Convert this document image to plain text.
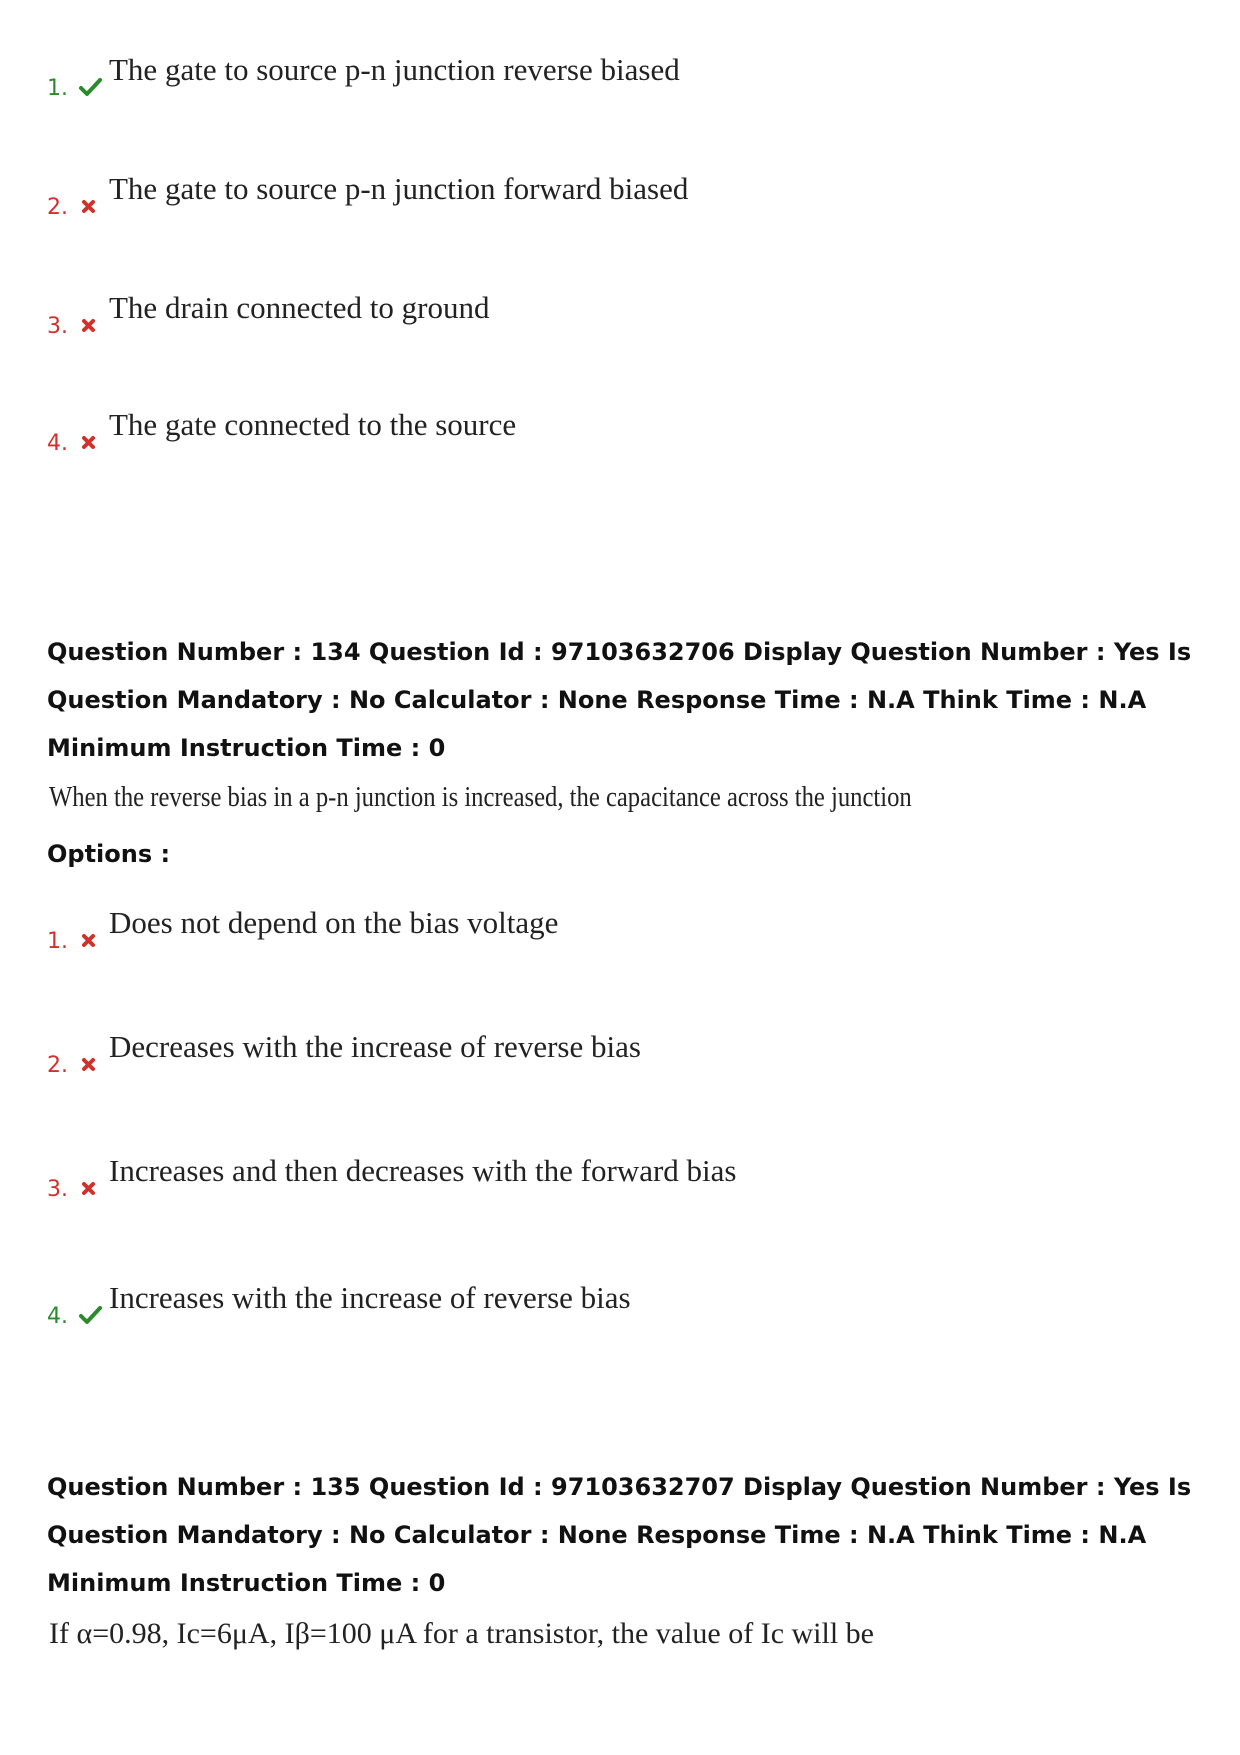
1.
The gate to source p-n junction reverse biased
2.
The gate to source p-n junction forward biased
3.
The drain connected to ground
4.
The gate connected to the source

Question Number : 134 Question Id : 97103632706 Display Question Number : Yes Is Question Mandatory : No Calculator : None Response Time : N.A Think Time : N.A Minimum Instruction Time : 0

When the reverse bias in a p-n junction is increased, the capacitance across the junction
Options :
1.
Does not depend on the bias voltage
2.
Decreases with the increase of reverse bias
3.
Increases and then decreases with the forward bias
4.
Increases with the increase of reverse bias

Question Number : 135 Question Id : 97103632707 Display Question Number : Yes Is Question Mandatory : No Calculator : None Response Time : N.A Think Time : N.A Minimum Instruction Time : 0

If α=0.98, Ic=6μA, Iβ=100 μA for a transistor, the value of Ic will be
